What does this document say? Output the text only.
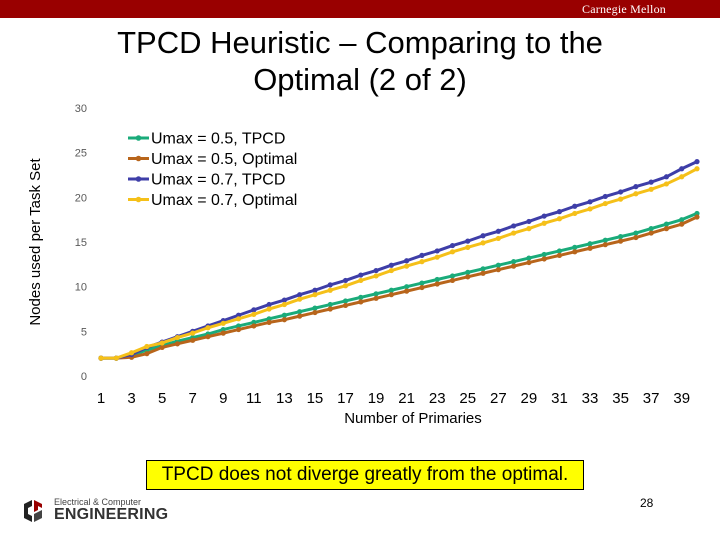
Carnegie Mellon
TPCD Heuristic – Comparing to the
Optimal (2 of 2)
0
5
10
15
20
25
30
1 3 5 7 9 11 13 15 17 19 21 23 25 27 29 31 33 35 37 39
Number of Primaries
Nodes used per Task Set
Umax = 0.5, TPCD
Umax = 0.5, Optimal
Umax = 0.7, TPCD
Umax = 0.7, Optimal
TPCD does not diverge greatly from the optimal.
Electrical & Computer
ENGINEERING
28
